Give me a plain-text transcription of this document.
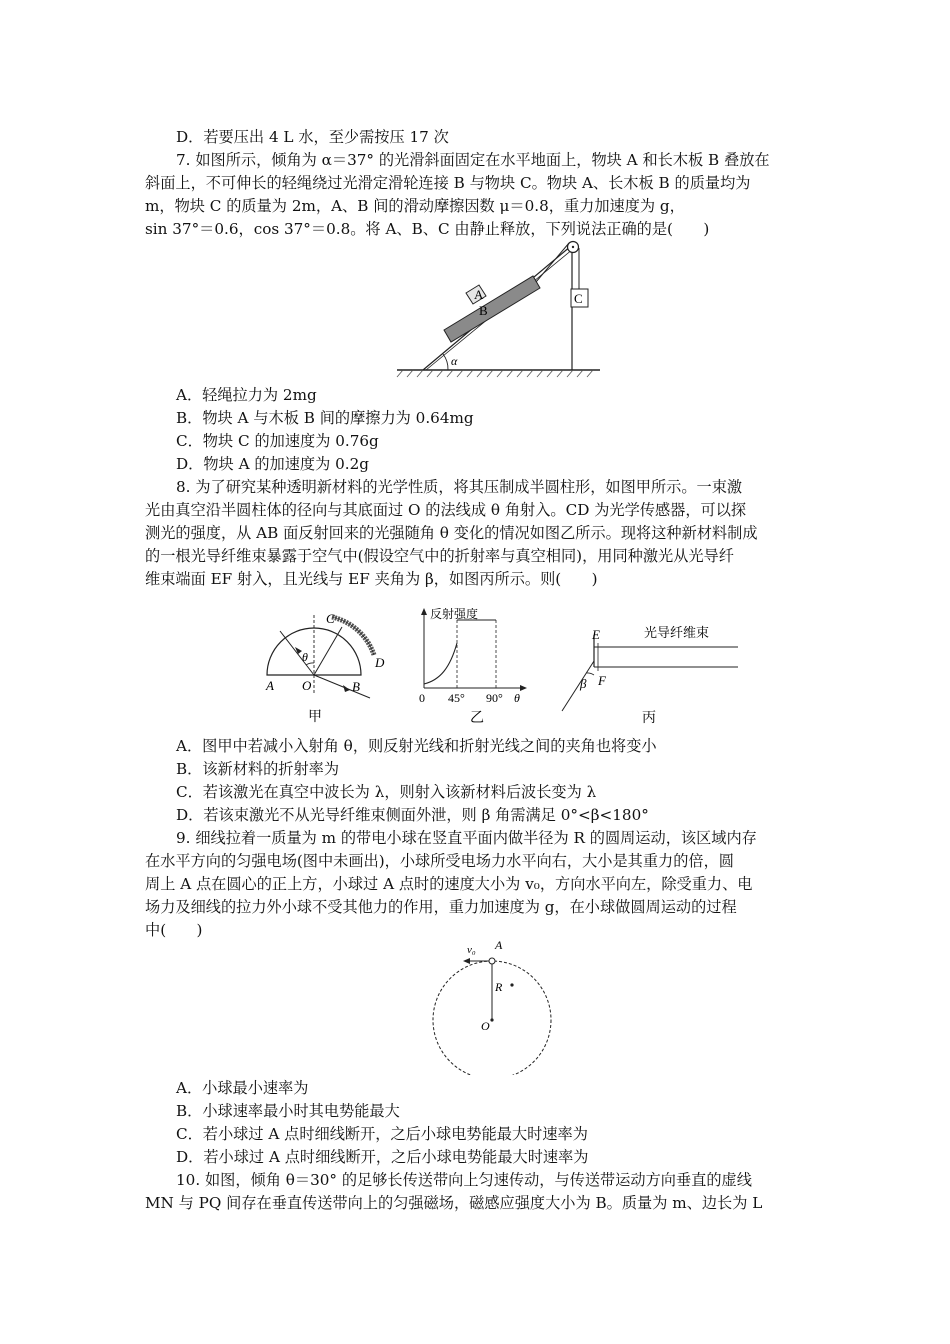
D．若要压出 4 L 水，至少需按压 17 次
7. 如图所示，倾角为 α＝37° 的光滑斜面固定在水平地面上，物块 A 和长木板 B 叠放在
斜面上，不可伸长的轻绳绕过光滑定滑轮连接 B 与物块 C。物块 A、长木板 B 的质量均为
m，物块 C 的质量为 2m，A、B 间的滑动摩擦因数 μ＝0.8，重力加速度为 g，
sin 37°＝0.6，cos 37°＝0.8。将 A、B、C 由静止释放，下列说法正确的是(　　)
A
B
C
α
A．轻绳拉力为 2mg
B．物块 A 与木板 B 间的摩擦力为 0.64mg
C．物块 C 的加速度为 0.76g
D．物块 A 的加速度为 0.2g
8. 为了研究某种透明新材料的光学性质，将其压制成半圆柱形，如图甲所示。一束激
光由真空沿半圆柱体的径向与其底面过 O 的法线成 θ 角射入。CD 为光学传感器，可以探
测光的强度，从 AB 面反射回来的光强随角 θ 变化的情况如图乙所示。现将这种新材料制成
的一根光导纤维束暴露于空气中(假设空气中的折射率与真空相同)，用同种激光从光导纤
维束端面 EF 射入，且光线与 EF 夹角为 β，如图丙所示。则(　　)
θ
C
D
A O	B
甲
反射强度
0 45° 90° θ
乙
光导纤维束
E
F
β
丙
A．图甲中若减小入射角 θ，则反射光线和折射光线之间的夹角也将变小
B．该新材料的折射率为
C．若该激光在真空中波长为 λ，则射入该新材料后波长变为 λ
D．若该束激光不从光导纤维束侧面外泄，则 β 角需满足 0°<β<180°
9. 细线拉着一质量为 m 的带电小球在竖直平面内做半径为 R 的圆周运动，该区域内存
在水平方向的匀强电场(图中未画出)，小球所受电场力水平向右，大小是其重力的倍，圆
周上 A 点在圆心的正上方，小球过 A 点时的速度大小为 v₀，方向水平向左，除受重力、电
场力及细线的拉力外小球不受其他力的作用，重力加速度为 g，在小球做圆周运动的过程
中(　　)
v₀ A
R
O
A．小球最小速率为
B．小球速率最小时其电势能最大
C．若小球过 A 点时细线断开，之后小球电势能最大时速率为
D．若小球过 A 点时细线断开，之后小球电势能最大时速率为
10. 如图，倾角 θ＝30° 的足够长传送带向上匀速传动，与传送带运动方向垂直的虚线
MN 与 PQ 间存在垂直传送带向上的匀强磁场，磁感应强度大小为 B。质量为 m、边长为 L
